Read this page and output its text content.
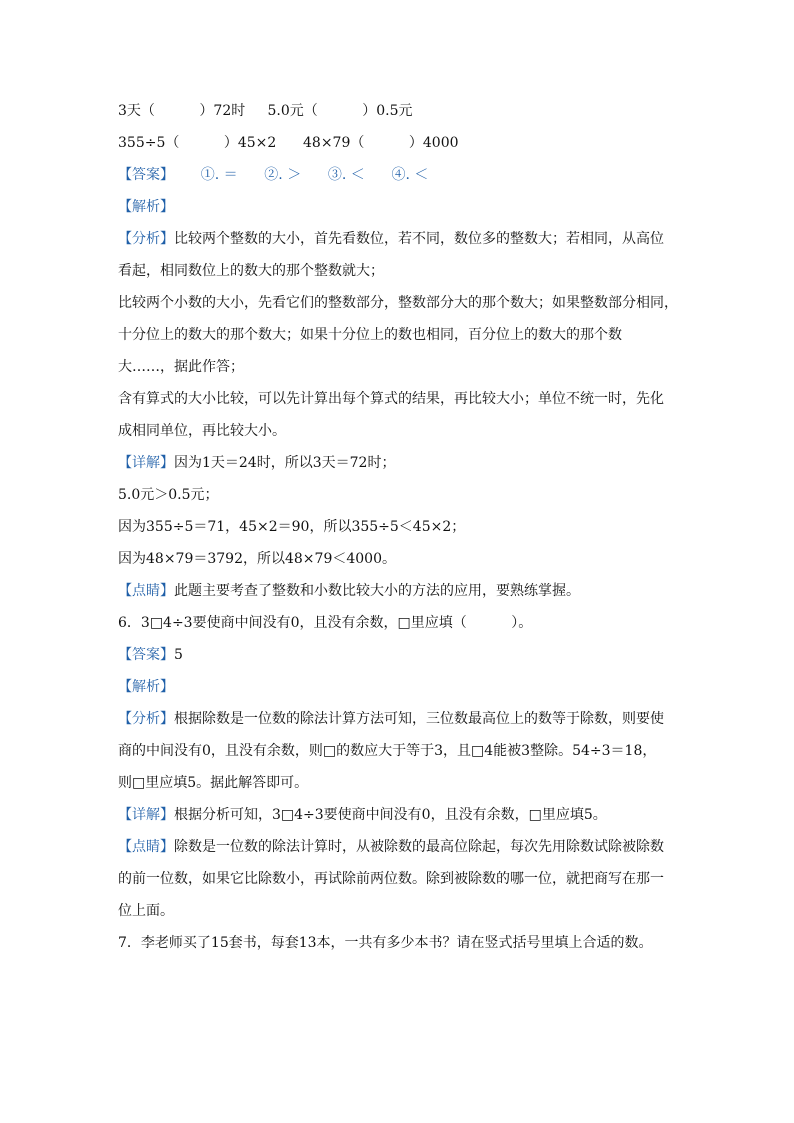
3天（          ）72时     5.0元（          ）0.5元
355÷5（          ）45×2      48×79（          ）4000
【答案】      ①. ＝      ②. ＞      ③. ＜      ④. ＜
【解析】
【分析】比较两个整数的大小，首先看数位，若不同，数位多的整数大；若相同，从高位
看起，相同数位上的数大的那个整数就大；
比较两个小数的大小，先看它们的整数部分，整数部分大的那个数大；如果整数部分相同，
十分位上的数大的那个数大；如果十分位上的数也相同，百分位上的数大的那个数
大……，据此作答；
含有算式的大小比较，可以先计算出每个算式的结果，再比较大小；单位不统一时，先化
成相同单位，再比较大小。
【详解】因为1天＝24时，所以3天＝72时；
5.0元＞0.5元；
因为355÷5＝71，45×2＝90，所以355÷5＜45×2；
因为48×79＝3792，所以48×79＜4000。
【点睛】此题主要考查了整数和小数比较大小的方法的应用，要熟练掌握。
6．3□4÷3要使商中间没有0，且没有余数，□里应填（          ）。
【答案】5
【解析】
【分析】根据除数是一位数的除法计算方法可知，三位数最高位上的数等于除数，则要使
商的中间没有0，且没有余数，则□的数应大于等于3，且□4能被3整除。54÷3＝18，
则□里应填5。据此解答即可。
【详解】根据分析可知，3□4÷3要使商中间没有0，且没有余数，□里应填5。
【点睛】除数是一位数的除法计算时，从被除数的最高位除起，每次先用除数试除被除数
的前一位数，如果它比除数小，再试除前两位数。除到被除数的哪一位，就把商写在那一
位上面。
7．李老师买了15套书，每套13本，一共有多少本书？请在竖式括号里填上合适的数。
